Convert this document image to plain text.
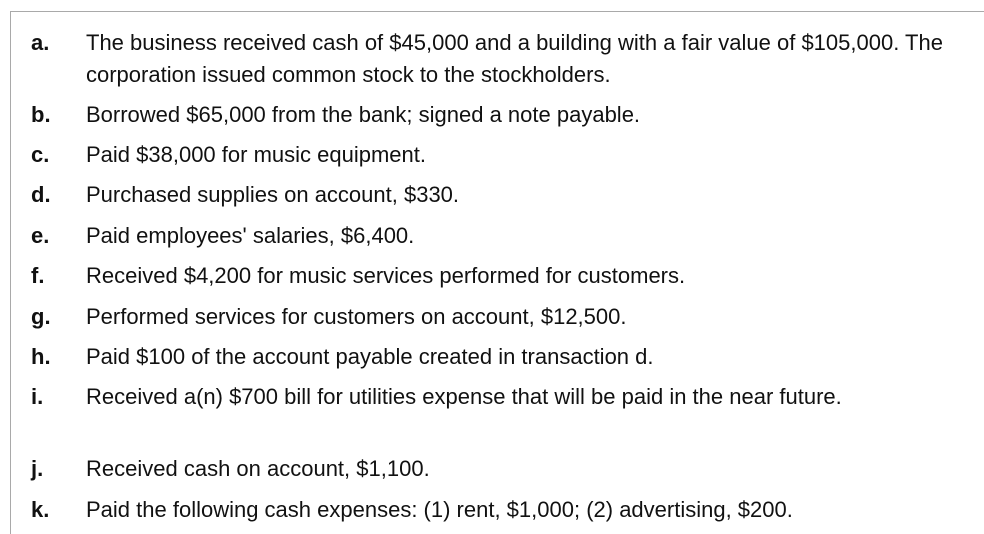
a. The business received cash of $45,000 and a building with a fair value of $105,000. The corporation issued common stock to the stockholders.
b. Borrowed $65,000 from the bank; signed a note payable.
c. Paid $38,000 for music equipment.
d. Purchased supplies on account, $330.
e. Paid employees' salaries, $6,400.
f. Received $4,200 for music services performed for customers.
g. Performed services for customers on account, $12,500.
h. Paid $100 of the account payable created in transaction d.
i. Received a(n) $700 bill for utilities expense that will be paid in the near future.
j. Received cash on account, $1,100.
k. Paid the following cash expenses: (1) rent, $1,000; (2) advertising, $200.
